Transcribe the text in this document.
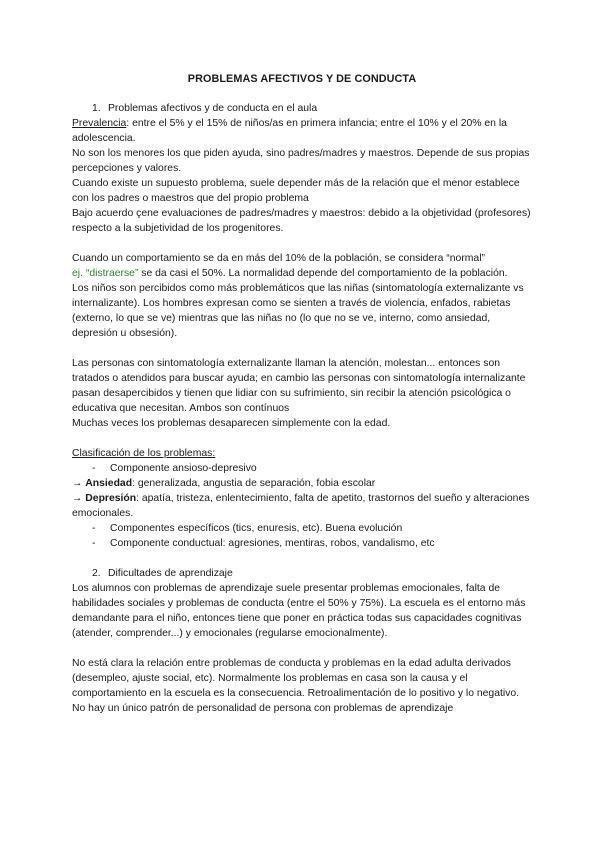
PROBLEMAS AFECTIVOS Y DE CONDUCTA
1. Problemas afectivos y de conducta en el aula

Prevalencia: entre el 5% y el 15% de niños/as en primera infancia; entre el 10% y el 20% en la adolescencia.

No son los menores los que piden ayuda, sino padres/madres y maestros. Depende de sus propias percepciones y valores.

Cuando existe un supuesto problema, suele depender más de la relación que el menor establece con los padres o maestros que del propio problema

Bajo acuerdo çene evaluaciones de padres/madres y maestros: debido a la objetividad (profesores) respecto a la subjetividad de los progenitores.

Cuando un comportamiento se da en más del 10% de la población, se considera “normal”
ej. “distraerse” se da casi el 50%. La normalidad depende del comportamiento de la población.

Los niños son percibidos como más problemáticos que las niñas (sintomatología externalizante vs internalizante). Los hombres expresan como se sienten a través de violencia, enfados, rabietas (externo, lo que se ve) mientras que las niñas no (lo que no se ve, interno, como ansiedad, depresión u obsesión).

Las personas con sintomatología externalizante llaman la atención, molestan... entonces son tratados o atendidos para buscar ayuda; en cambio las personas con sintomatología internalizante pasan desapercibidos y tienen que lidiar con su sufrimiento, sin recibir la atención psicológica o educativa que necesitan. Ambos son contínuos

Muchas veces los problemas desaparecen simplemente con la edad.

Clasificación de los problemas:

- Componente ansioso-depresivo

→ Ansiedad: generalizada, angustia de separación, fobia escolar

→ Depresión: apatía, tristeza, enlentecimiento, falta de apetito, trastornos del sueño y alteraciones emocionales.

- Componentes específicos (tics, enuresis, etc). Buena evolución
- Componente conductual: agresiones, mentiras, robos, vandalismo, etc
2. Dificultades de aprendizaje

Los alumnos con problemas de aprendizaje suele presentar problemas emocionales, falta de habilidades sociales y problemas de conducta (entre el 50% y 75%). La escuela es el entorno más demandante para el niño, entonces tiene que poner en práctica todas sus capacidades cognitivas (atender, comprender...) y emocionales (regularse emocionalmente).

No está clara la relación entre problemas de conducta y problemas en la edad adulta derivados (desempleo, ajuste social, etc). Normalmente los problemas en casa son la causa y el comportamiento en la escuela es la consecuencia. Retroalimentación de lo positivo y lo negativo.

No hay un único patrón de personalidad de persona con problemas de aprendizaje
